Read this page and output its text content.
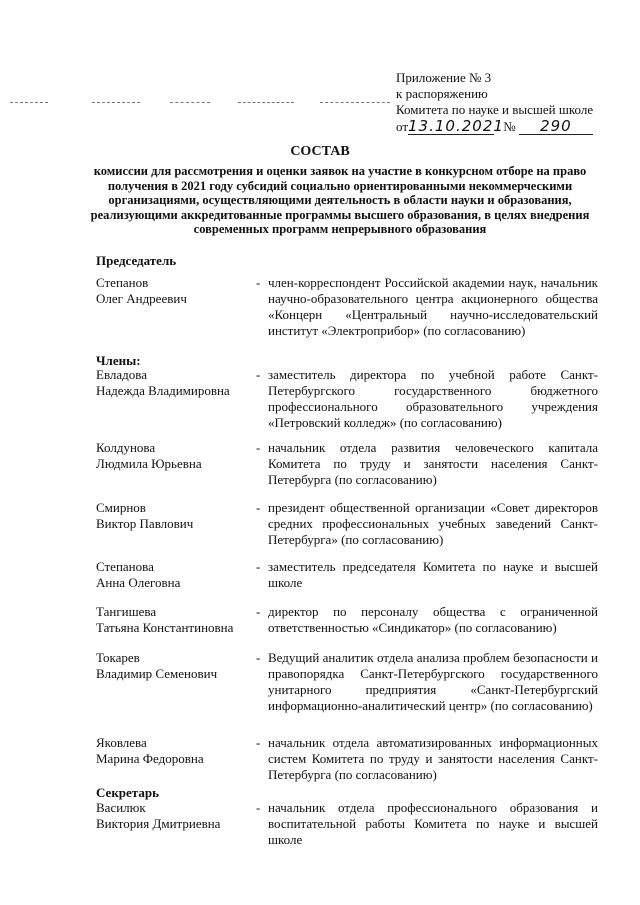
Приложение № 3
к распоряжению
Комитета по науке и высшей школе
от13.10.2021 № 290
СОСТАВ
комиссии для рассмотрения и оценки заявок на участие в конкурсном отборе на право получения в 2021 году субсидий социально ориентированными некоммерческими организациями, осуществляющими деятельность в области науки и образования, реализующими аккредитованные программы высшего образования, в целях внедрения современных программ непрерывного образования
Председатель
Степанов
Олег Андреевич
- член-корреспондент Российской академии наук, начальник научно-образовательного центра акционерного общества «Концерн «Центральный научно-исследовательский институт «Электроприбор» (по согласованию)
Члены:
Евладова
Надежда Владимировна
- заместитель директора по учебной работе Санкт-Петербургского государственного бюджетного профессионального образовательного учреждения «Петровский колледж» (по согласованию)
Колдунова
Людмила Юрьевна
- начальник отдела развития человеческого капитала Комитета по труду и занятости населения Санкт-Петербурга (по согласованию)
Смирнов
Виктор Павлович
- президент общественной организации «Совет директоров средних профессиональных учебных заведений Санкт-Петербурга» (по согласованию)
Степанова
Анна Олеговна
- заместитель председателя Комитета по науке и высшей школе
Тангишева
Татьяна Константиновна
- директор по персоналу общества с ограниченной ответственностью «Синдикатор» (по согласованию)
Токарев
Владимир Семенович
- Ведущий аналитик отдела анализа проблем безопасности и правопорядка Санкт-Петербургского государственного унитарного предприятия «Санкт-Петербургский информационно-аналитический центр» (по согласованию)
Яковлева
Марина Федоровна
- начальник отдела автоматизированных информационных систем Комитета по труду и занятости населения Санкт-Петербурга (по согласованию)
Секретарь
Василюк
Виктория Дмитриевна
- начальник отдела профессионального образования и воспитательной работы Комитета по науке и высшей школе
